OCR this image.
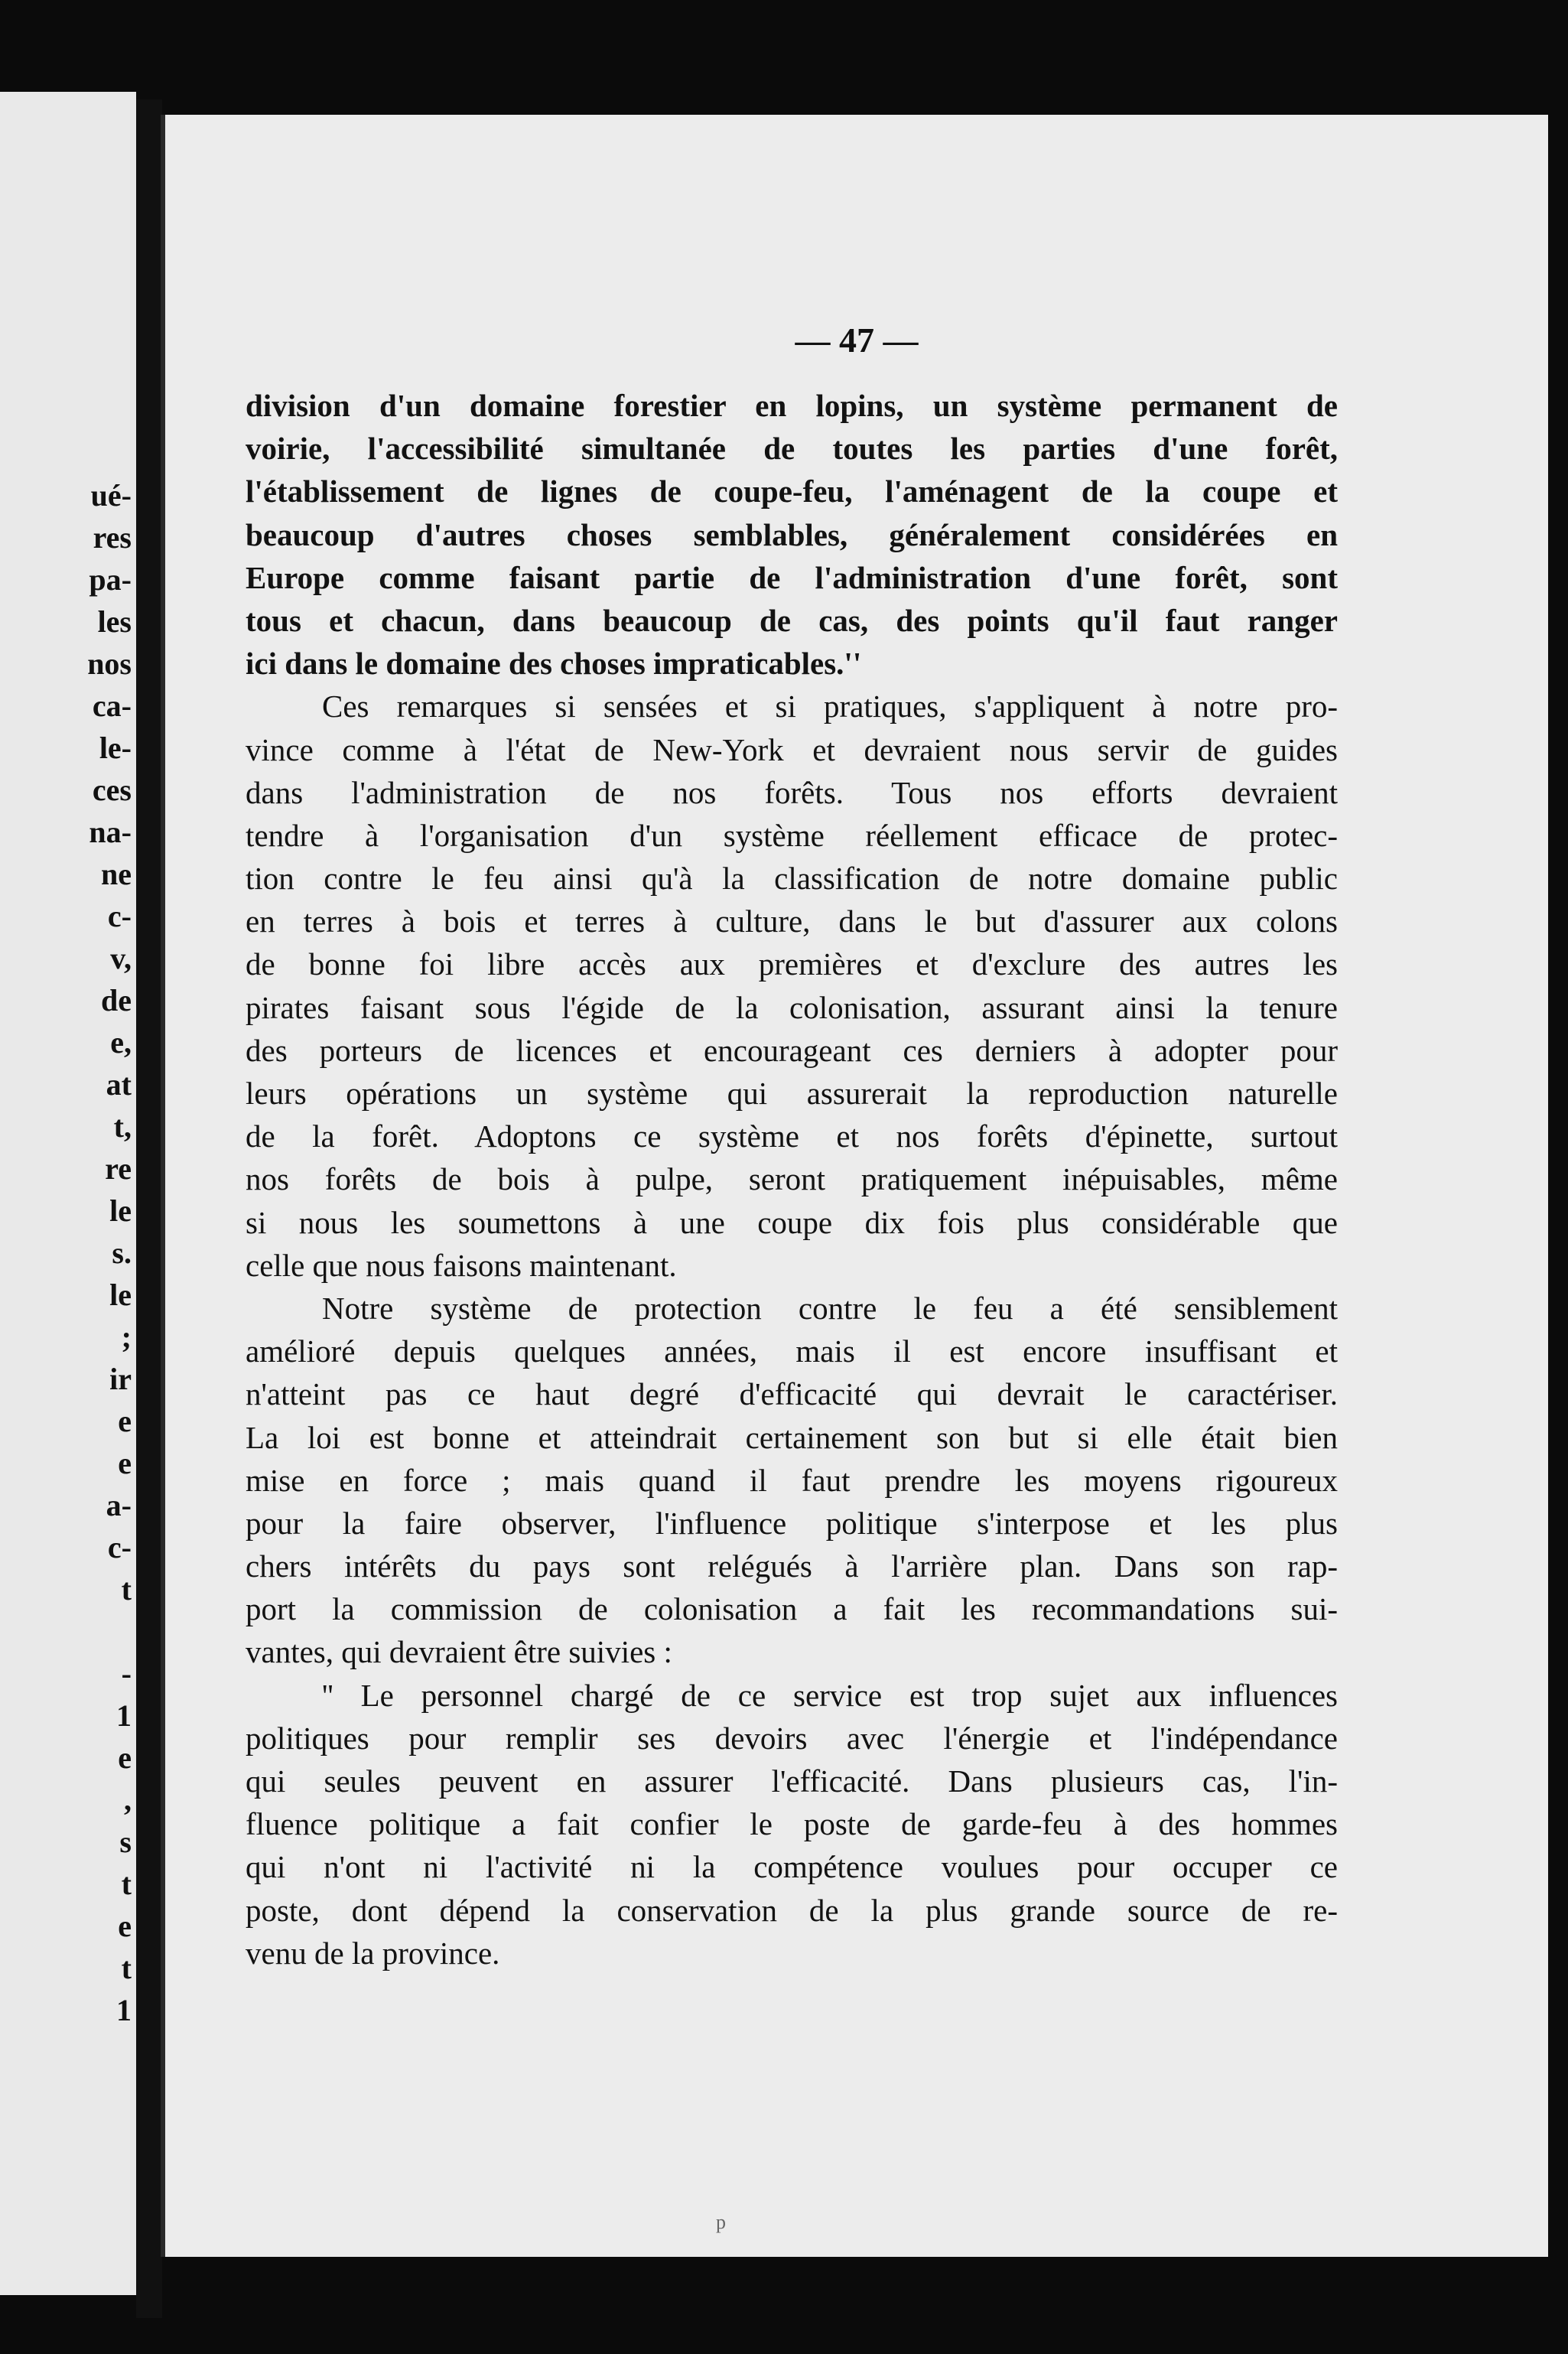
ué-
res
pa-
les
nos
ca-
le-
ces
na-
ne
c-
v,
de
e,
at
t,
re
le
s.
le
;
ir
e
e
a-
c-
t
-
1
e
,
s
t
e
t
1
— 47 —
division d'un domaine forestier en lopins, un système permanent de
voirie, l'accessibilité simultanée de toutes les parties d'une forêt,
l'établissement de lignes de coupe-feu, l'aménagent de la coupe et
beaucoup d'autres choses semblables, généralement considérées en
Europe comme faisant partie de l'administration d'une forêt, sont
tous et chacun, dans beaucoup de cas, des points qu'il faut ranger
ici dans le domaine des choses impraticables.''
Ces remarques si sensées et si pratiques, s'appliquent à notre pro-
vince comme à l'état de New-York et devraient nous servir de guides
dans l'administration de nos forêts. Tous nos efforts devraient
tendre à l'organisation d'un système réellement efficace de protec-
tion contre le feu ainsi qu'à la classification de notre domaine public
en terres à bois et terres à culture, dans le but d'assurer aux colons
de bonne foi libre accès aux premières et d'exclure des autres les
pirates faisant sous l'égide de la colonisation, assurant ainsi la tenure
des porteurs de licences et encourageant ces derniers à adopter pour
leurs opérations un système qui assurerait la reproduction naturelle
de la forêt. Adoptons ce système et nos forêts d'épinette, surtout
nos forêts de bois à pulpe, seront pratiquement inépuisables, même
si nous les soumettons à une coupe dix fois plus considérable que
celle que nous faisons maintenant.
Notre système de protection contre le feu a été sensiblement
amélioré depuis quelques années, mais il est encore insuffisant et
n'atteint pas ce haut degré d'efficacité qui devrait le caractériser.
La loi est bonne et atteindrait certainement son but si elle était bien
mise en force ; mais quand il faut prendre les moyens rigoureux
pour la faire observer, l'influence politique s'interpose et les plus
chers intérêts du pays sont relégués à l'arrière plan. Dans son rap-
port la commission de colonisation a fait les recommandations sui-
vantes, qui devraient être suivies :
'' Le personnel chargé de ce service est trop sujet aux influences
politiques pour remplir ses devoirs avec l'énergie et l'indépendance
qui seules peuvent en assurer l'efficacité. Dans plusieurs cas, l'in-
fluence politique a fait confier le poste de garde-feu à des hommes
qui n'ont ni l'activité ni la compétence voulues pour occuper ce
poste, dont dépend la conservation de la plus grande source de re-
venu de la province.
p
